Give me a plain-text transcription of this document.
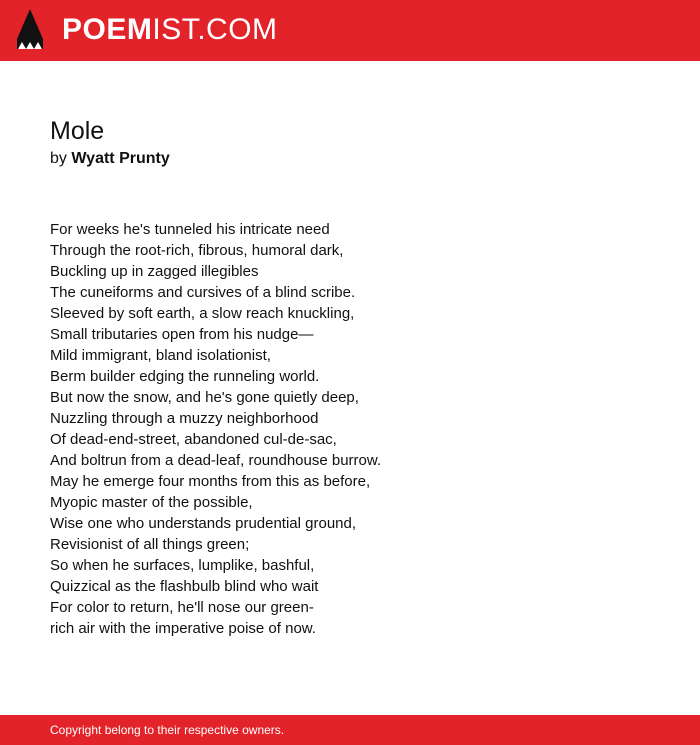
POEMIST.COM
Mole
by Wyatt Prunty
For weeks he's tunneled his intricate need
Through the root-rich, fibrous, humoral dark,
Buckling up in zagged illegibles
The cuneiforms and cursives of a blind scribe.
Sleeved by soft earth, a slow reach knuckling,
Small tributaries open from his nudge—
Mild immigrant, bland isolationist,
Berm builder edging the runneling world.
But now the snow, and he's gone quietly deep,
Nuzzling through a muzzy neighborhood
Of dead-end-street, abandoned cul-de-sac,
And boltrun from a dead-leaf, roundhouse burrow.
May he emerge four months from this as before,
Myopic master of the possible,
Wise one who understands prudential ground,
Revisionist of all things green;
So when he surfaces, lumplike, bashful,
Quizzical as the flashbulb blind who wait
For color to return, he'll nose our green-
rich air with the imperative poise of now.
Copyright belong to their respective owners.
